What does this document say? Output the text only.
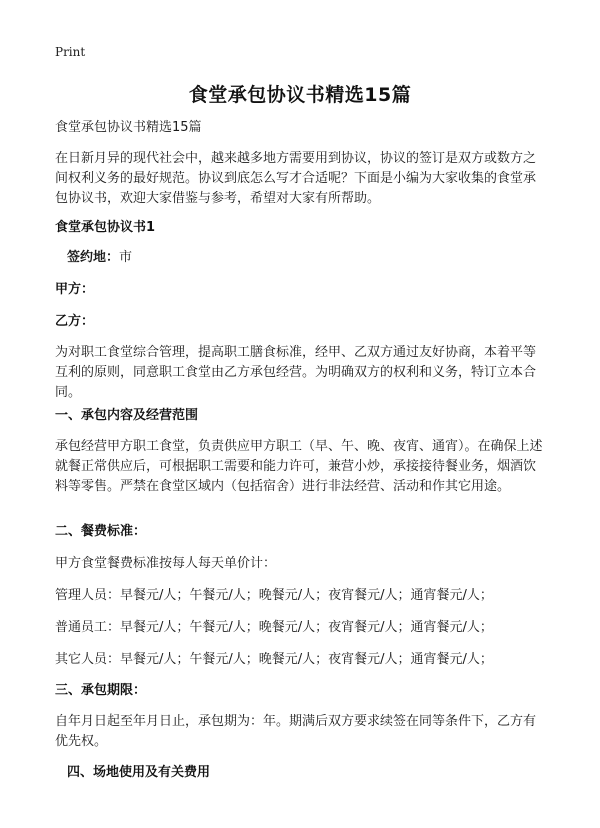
Print
食堂承包协议书精选15篇
食堂承包协议书精选15篇
在日新月异的现代社会中，越来越多地方需要用到协议，协议的签订是双方或数方之间权利义务的最好规范。协议到底怎么写才合适呢？下面是小编为大家收集的食堂承包协议书，欢迎大家借鉴与参考，希望对大家有所帮助。
食堂承包协议书1
签约地：市
甲方：
乙方：
为对职工食堂综合管理，提高职工膳食标准，经甲、乙双方通过友好协商，本着平等互利的原则，同意职工食堂由乙方承包经营。为明确双方的权利和义务，特订立本合同。
一、承包内容及经营范围
承包经营甲方职工食堂，负责供应甲方职工（早、午、晚、夜宵、通宵）。在确保上述就餐正常供应后，可根据职工需要和能力许可，兼营小炒，承接接待餐业务，烟酒饮料等零售。严禁在食堂区域内（包括宿舍）进行非法经营、活动和作其它用途。
二、餐费标准：
甲方食堂餐费标准按每人每天单价计：
管理人员：早餐元/人；午餐元/人；晚餐元/人；夜宵餐元/人；通宵餐元/人；
普通员工：早餐元/人；午餐元/人；晚餐元/人；夜宵餐元/人；通宵餐元/人；
其它人员：早餐元/人；午餐元/人；晚餐元/人；夜宵餐元/人；通宵餐元/人；
三、承包期限：
自年月日起至年月日止，承包期为：年。期满后双方要求续签在同等条件下，乙方有优先权。
四、场地使用及有关费用
